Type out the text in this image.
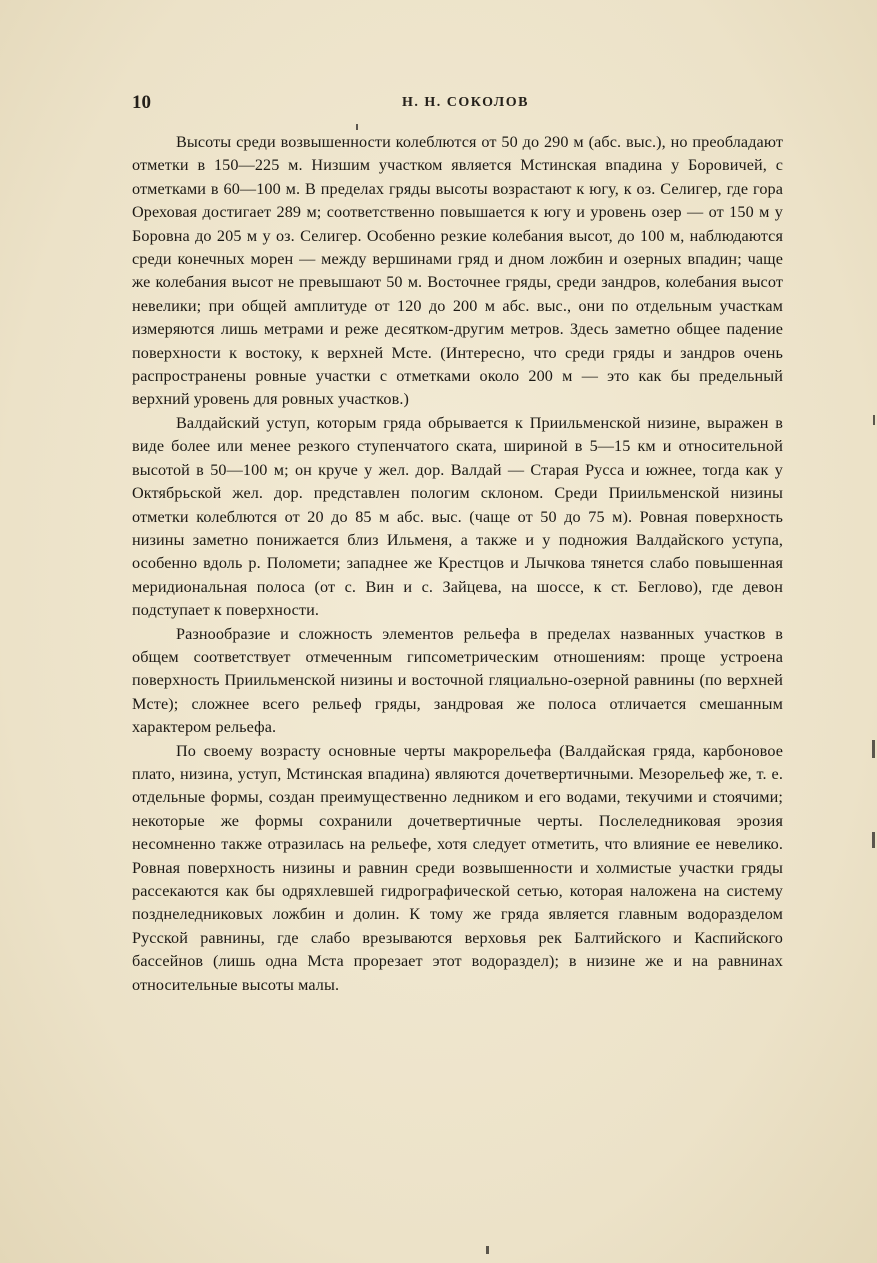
10	Н. Н. СОКОЛОВ

Высоты среди возвышенности колеблются от 50 до 290 м (абс. выс.), но преобладают отметки в 150—225 м. Низшим участком является Мстинская впадина у Боровичей, с отметками в 60—100 м. В пределах гряды высоты возрастают к югу, к оз. Селигер, где гора Ореховая достигает 289 м; соответственно повышается к югу и уровень озер — от 150 м у Боровна до 205 м у оз. Селигер. Особенно резкие колебания высот, до 100 м, наблюдаются среди конечных морен — между вершинами гряд и дном ложбин и озерных впадин; чаще же колебания высот не превышают 50 м. Восточнее гряды, среди зандров, колебания высот невелики; при общей амплитуде от 120 до 200 м абс. выс., они по отдельным участкам измеряются лишь метрами и реже десятком-другим метров. Здесь заметно общее падение поверхности к востоку, к верхней Мсте. (Интересно, что среди гряды и зандров очень распространены ровные участки с отметками около 200 м — это как бы предельный верхний уровень для ровных участков.)

Валдайский уступ, которым гряда обрывается к Приильменской низине, выражен в виде более или менее резкого ступенчатого ската, шириной в 5—15 км и относительной высотой в 50—100 м; он круче у жел. дор. Валдай — Старая Русса и южнее, тогда как у Октябрьской жел. дор. представлен пологим склоном. Среди Приильменской низины отметки колеблются от 20 до 85 м абс. выс. (чаще от 50 до 75 м). Ровная поверхность низины заметно понижается близ Ильменя, а также и у подножия Валдайского уступа, особенно вдоль р. Поломети; западнее же Крестцов и Лычкова тянется слабо повышенная меридиональная полоса (от с. Вин и с. Зайцева, на шоссе, к ст. Беглово), где девон подступает к поверхности.

Разнообразие и сложность элементов рельефа в пределах названных участков в общем соответствует отмеченным гипсометрическим отношениям: проще устроена поверхность Приильменской низины и восточной гляциально-озерной равнины (по верхней Мсте); сложнее всего рельеф гряды, зандровая же полоса отличается смешанным характером рельефа.

По своему возрасту основные черты макрорельефа (Валдайская гряда, карбоновое плато, низина, уступ, Мстинская впадина) являются дочетвертичными. Мезорельеф же, т. е. отдельные формы, создан преимущественно ледником и его водами, текучими и стоячими; некоторые же формы сохранили дочетвертичные черты. Послеледниковая эрозия несомненно также отразилась на рельефе, хотя следует отметить, что влияние ее невелико. Ровная поверхность низины и равнин среди возвышенности и холмистые участки гряды рассекаются как бы одряхлевшей гидрографической сетью, которая наложена на систему позднеледниковых ложбин и долин. К тому же гряда является главным водоразделом Русской равнины, где слабо врезываются верховья рек Балтийского и Каспийского бассейнов (лишь одна Мста прорезает этот водораздел); в низине же и на равнинах относительные высоты малы.
